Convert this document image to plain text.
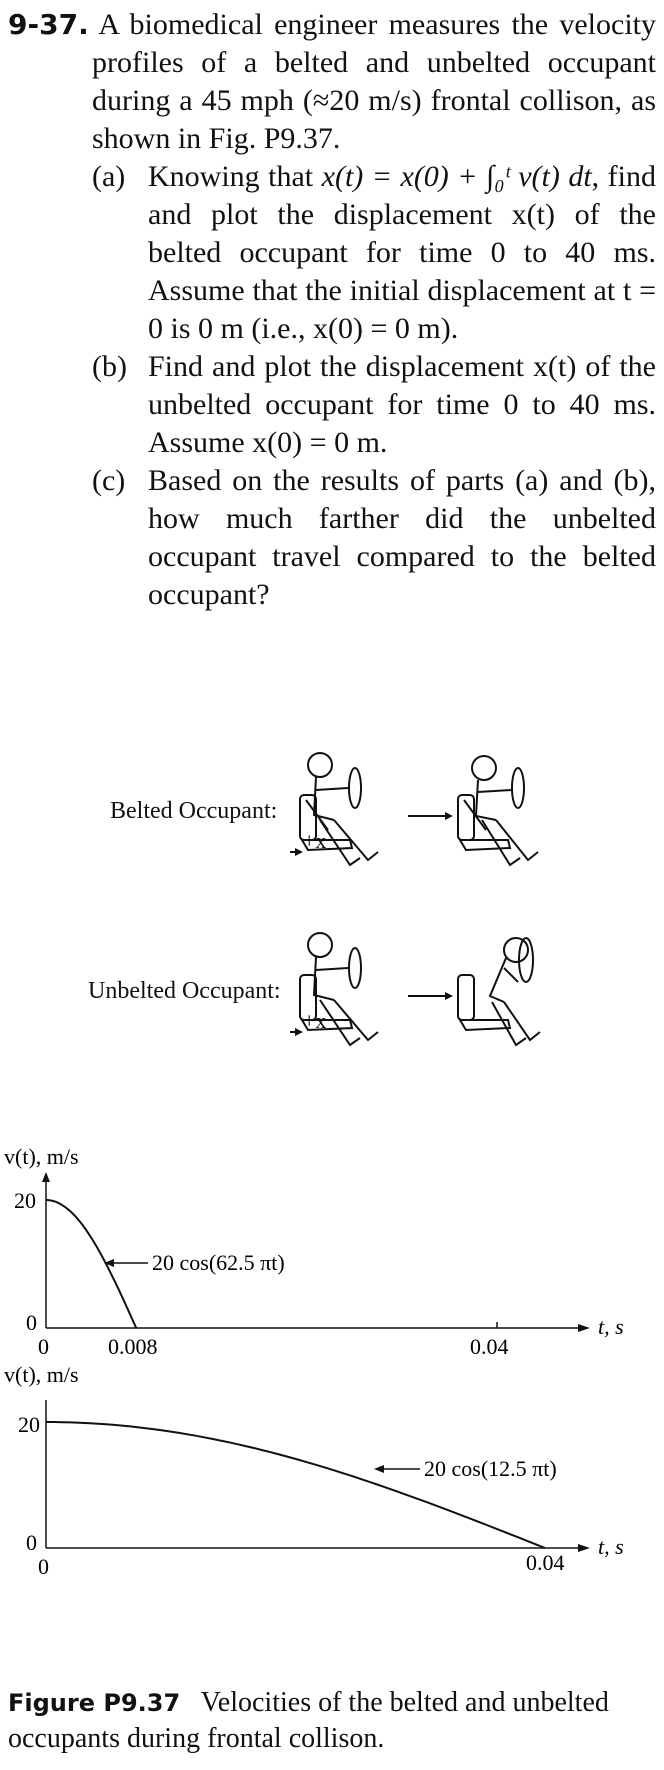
9-37. A biomedical engineer measures the velocity profiles of a belted and unbelted occupant during a 45 mph (≈20 m/s) frontal collison, as shown in Fig. P9.37.
(a) Knowing that x(t) = x(0) + ∫₀ᵗ v(t) dt, find and plot the displacement x(t) of the belted occupant for time 0 to 40 ms. Assume that the initial displacement at t = 0 is 0 m (i.e., x(0) = 0 m).
(b) Find and plot the displacement x(t) of the unbelted occupant for time 0 to 40 ms. Assume x(0) = 0 m.
(c) Based on the results of parts (a) and (b), how much farther did the unbelted occupant travel compared to the belted occupant?
Belted Occupant:
+x
Unbelted Occupant:
+x
v(t), m/s
t, s
20
0
0	0.008	0.04
20 cos(62.5 πt)
v(t), m/s
t, s
20
0
0	0.04
20 cos(12.5 πt)
Figure P9.37 Velocities of the belted and unbelted occupants during frontal collison.
